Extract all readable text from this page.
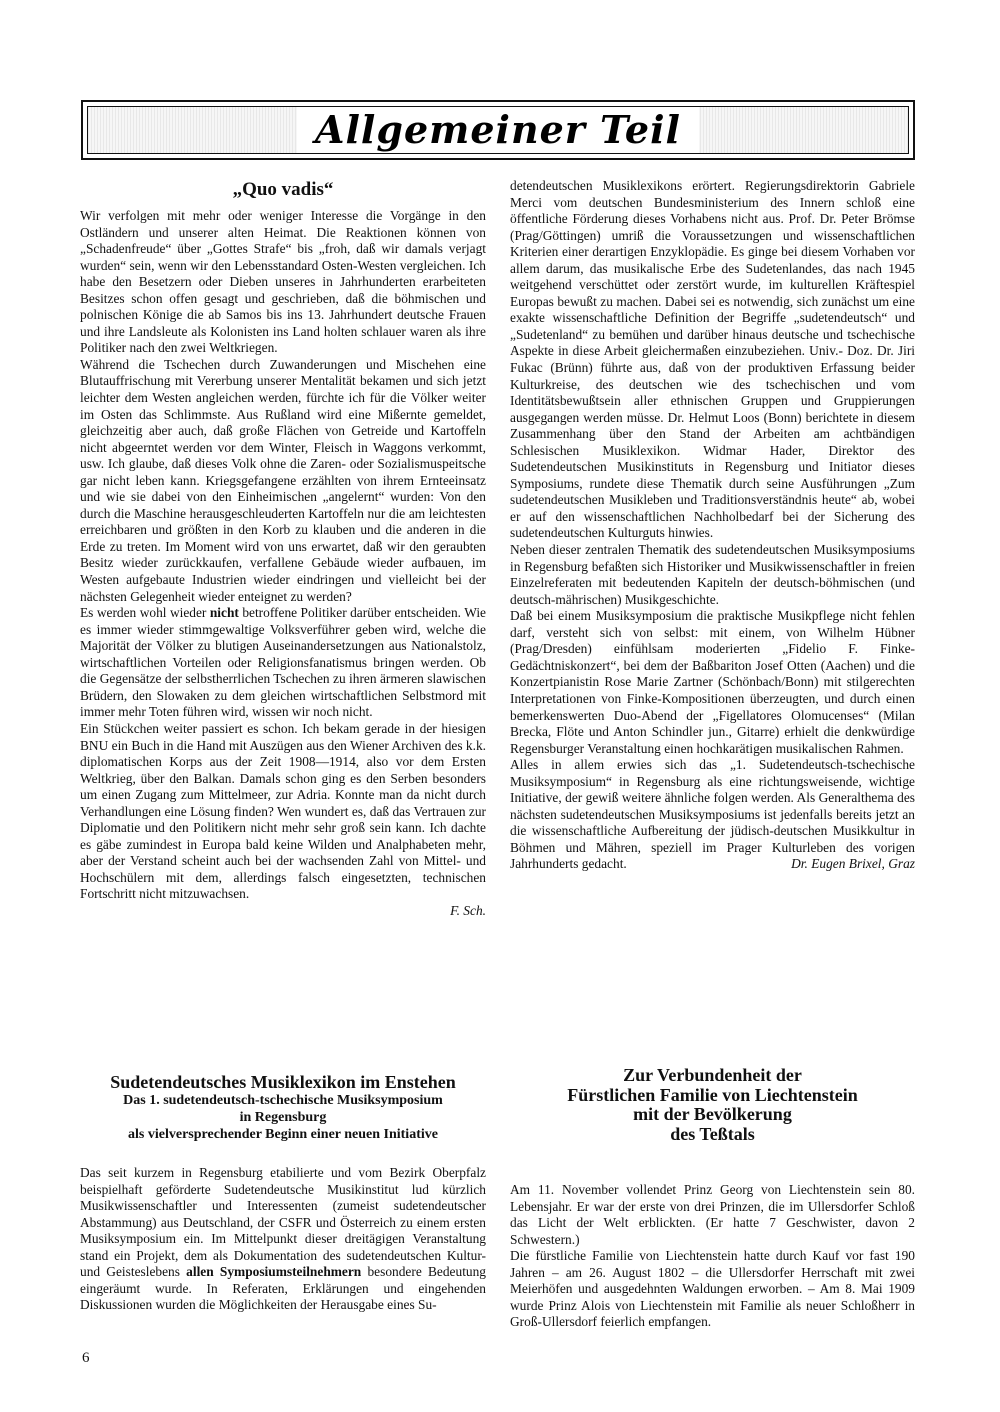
Allgemeiner Teil
„Quo vadis“

Wir verfolgen mit mehr oder weniger Interesse die Vorgänge in den Ostländern und unserer alten Heimat. Die Reaktionen können von „Schadenfreude“ über „Gottes Strafe“ bis „froh, daß wir damals verjagt wurden“ sein, wenn wir den Lebensstandard Osten-Westen vergleichen. Ich habe den Besetzern oder Dieben unseres in Jahrhunderten erarbeiteten Besitzes schon offen gesagt und geschrieben, daß die böhmischen und polnischen Könige die ab Samos bis ins 13. Jahrhundert deutsche Frauen und ihre Landsleute als Kolonisten ins Land holten schlauer waren als ihre Politiker nach den zwei Weltkriegen.

Während die Tschechen durch Zuwanderungen und Mischehen eine Blutauffrischung mit Vererbung unserer Mentalität bekamen und sich jetzt leichter dem Westen angleichen werden, fürchte ich für die Völker weiter im Osten das Schlimmste. Aus Rußland wird eine Mißernte gemeldet, gleichzeitig aber auch, daß große Flächen von Getreide und Kartoffeln nicht abgeerntet werden vor dem Winter, Fleisch in Waggons verkommt, usw. Ich glaube, daß dieses Volk ohne die Zaren- oder Sozialismuspeitsche gar nicht leben kann. Kriegsgefangene erzählten von ihrem Ernteeinsatz und wie sie dabei von den Einheimischen „angelernt“ wurden: Von den durch die Maschine herausgeschleuderten Kartoffeln nur die am leichtesten erreichbaren und größten in den Korb zu klauben und die anderen in die Erde zu treten. Im Moment wird von uns erwartet, daß wir den geraubten Besitz wieder zurückkaufen, verfallene Gebäude wieder aufbauen, im Westen aufgebaute Industrien wieder eindringen und vielleicht bei der nächsten Gelegenheit wieder enteignet zu werden?

Es werden wohl wieder nicht betroffene Politiker darüber entscheiden. Wie es immer wieder stimmgewaltige Volksverführer geben wird, welche die Majorität der Völker zu blutigen Auseinandersetzungen aus Nationalstolz, wirtschaftlichen Vorteilen oder Religionsfanatismus bringen werden. Ob die Gegensätze der selbstherrlichen Tschechen zu ihren ärmeren slawischen Brüdern, den Slowaken zu dem gleichen wirtschaftlichen Selbstmord mit immer mehr Toten führen wird, wissen wir noch nicht.

Ein Stückchen weiter passiert es schon. Ich bekam gerade in der hiesigen BNU ein Buch in die Hand mit Auszügen aus den Wiener Archiven des k.k. diplomatischen Korps aus der Zeit 1908—1914, also vor dem Ersten Weltkrieg, über den Balkan. Damals schon ging es den Serben besonders um einen Zugang zum Mittelmeer, zur Adria. Konnte man da nicht durch Verhandlungen eine Lösung finden? Wen wundert es, daß das Vertrauen zur Diplomatie und den Politikern nicht mehr sehr groß sein kann. Ich dachte es gäbe zumindest in Europa bald keine Wilden und Analphabeten mehr, aber der Verstand scheint auch bei der wachsenden Zahl von Mittel- und Hochschülern mit dem, allerdings falsch eingesetzten, technischen Fortschritt nicht mitzuwachsen.

F. Sch.

detendeutschen Musiklexikons erörtert. Regierungsdirektorin Gabriele Merci vom deutschen Bundesministerium des Innern schloß eine öffentliche Förderung dieses Vorhabens nicht aus. Prof. Dr. Peter Brömse (Prag/Göttingen) umriß die Voraussetzungen und wissenschaftlichen Kriterien einer derartigen Enzyklopädie. Es ginge bei diesem Vorhaben vor allem darum, das musikalische Erbe des Sudetenlandes, das nach 1945 weitgehend verschüttet oder zerstört wurde, im kulturellen Kräftespiel Europas bewußt zu machen. Dabei sei es notwendig, sich zunächst um eine exakte wissenschaftliche Definition der Begriffe „sudetendeutsch“ und „Sudetenland“ zu bemühen und darüber hinaus deutsche und tschechische Aspekte in diese Arbeit gleichermaßen einzubeziehen. Univ.- Doz. Dr. Jiri Fukac (Brünn) führte aus, daß von der produktiven Erfassung beider Kulturkreise, des deutschen wie des tschechischen und vom Identitätsbewußtsein aller ethnischen Gruppen und Gruppierungen ausgegangen werden müsse. Dr. Helmut Loos (Bonn) berichtete in diesem Zusammenhang über den Stand der Arbeiten am achtbändigen Schlesischen Musiklexikon. Widmar Hader, Direktor des Sudetendeutschen Musikinstituts in Regensburg und Initiator dieses Symposiums, rundete diese Thematik durch seine Ausführungen „Zum sudetendeutschen Musikleben und Traditionsverständnis heute“ ab, wobei er auf den wissenschaftlichen Nachholbedarf bei der Sicherung des sudetendeutschen Kulturguts hinwies.

Neben dieser zentralen Thematik des sudetendeutschen Musiksymposiums in Regensburg befaßten sich Historiker und Musikwissenschaftler in freien Einzelreferaten mit bedeutenden Kapiteln der deutsch-böhmischen (und deutsch-mährischen) Musikgeschichte.

Daß bei einem Musiksymposium die praktische Musikpflege nicht fehlen darf, versteht sich von selbst: mit einem, von Wilhelm Hübner (Prag/Dresden) einfühlsam moderierten „Fidelio F. Finke-Gedächtniskonzert“, bei dem der Baßbariton Josef Otten (Aachen) und die Konzertpianistin Rose Marie Zartner (Schönbach/Bonn) mit stilgerechten Interpretationen von Finke-Kompositionen überzeugten, und durch einen bemerkenswerten Duo-Abend der „Figellatores Olomucenses“ (Milan Brecka, Flöte und Anton Schindler jun., Gitarre) erhielt die denkwürdige Regensburger Veranstaltung einen hochkarätigen musikalischen Rahmen.

Alles in allem erwies sich das „1. Sudetendeutsch-tschechische Musiksymposium“ in Regensburg als eine richtungsweisende, wichtige Initiative, der gewiß weitere ähnliche folgen werden. Als Generalthema des nächsten sudetendeutschen Musiksymposiums ist jedenfalls bereits jetzt an die wissenschaftliche Aufbereitung der jüdisch-deutschen Musikkultur in Böhmen und Mähren, speziell im Prager Kulturleben des vorigen Jahrhunderts gedacht.	Dr. Eugen Brixel, Graz

Sudetendeutsches Musiklexikon im Enstehen
Das 1. sudetendeutsch-tschechische Musiksymposium
in Regensburg
als vielversprechender Beginn einer neuen Initiative

Das seit kurzem in Regensburg etabilierte und vom Bezirk Oberpfalz beispielhaft geförderte Sudetendeutsche Musikinstitut lud kürzlich Musikwissenschaftler und Interessenten (zumeist sudetendeutscher Abstammung) aus Deutschland, der CSFR und Österreich zu einem ersten Musiksymposium ein. Im Mittelpunkt dieser dreitägigen Veranstaltung stand ein Projekt, dem als Dokumentation des sudetendeutschen Kultur- und Geisteslebens allen Symposiumsteilnehmern besondere Bedeutung eingeräumt wurde. In Referaten, Erklärungen und eingehenden Diskussionen wurden die Möglichkeiten der Herausgabe eines Su-

Zur Verbundenheit der
Fürstlichen Familie von Liechtenstein
mit der Bevölkerung
des Teßtals

Am 11. November vollendet Prinz Georg von Liechtenstein sein 80. Lebensjahr. Er war der erste von drei Prinzen, die im Ullersdorfer Schloß das Licht der Welt erblickten. (Er hatte 7 Geschwister, davon 2 Schwestern.)

Die fürstliche Familie von Liechtenstein hatte durch Kauf vor fast 190 Jahren – am 26. August 1802 – die Ullersdorfer Herrschaft mit zwei Meierhöfen und ausgedehnten Waldungen erworben. – Am 8. Mai 1909 wurde Prinz Alois von Liechtenstein mit Familie als neuer Schloßherr in Groß-Ullersdorf feierlich empfangen.

6
